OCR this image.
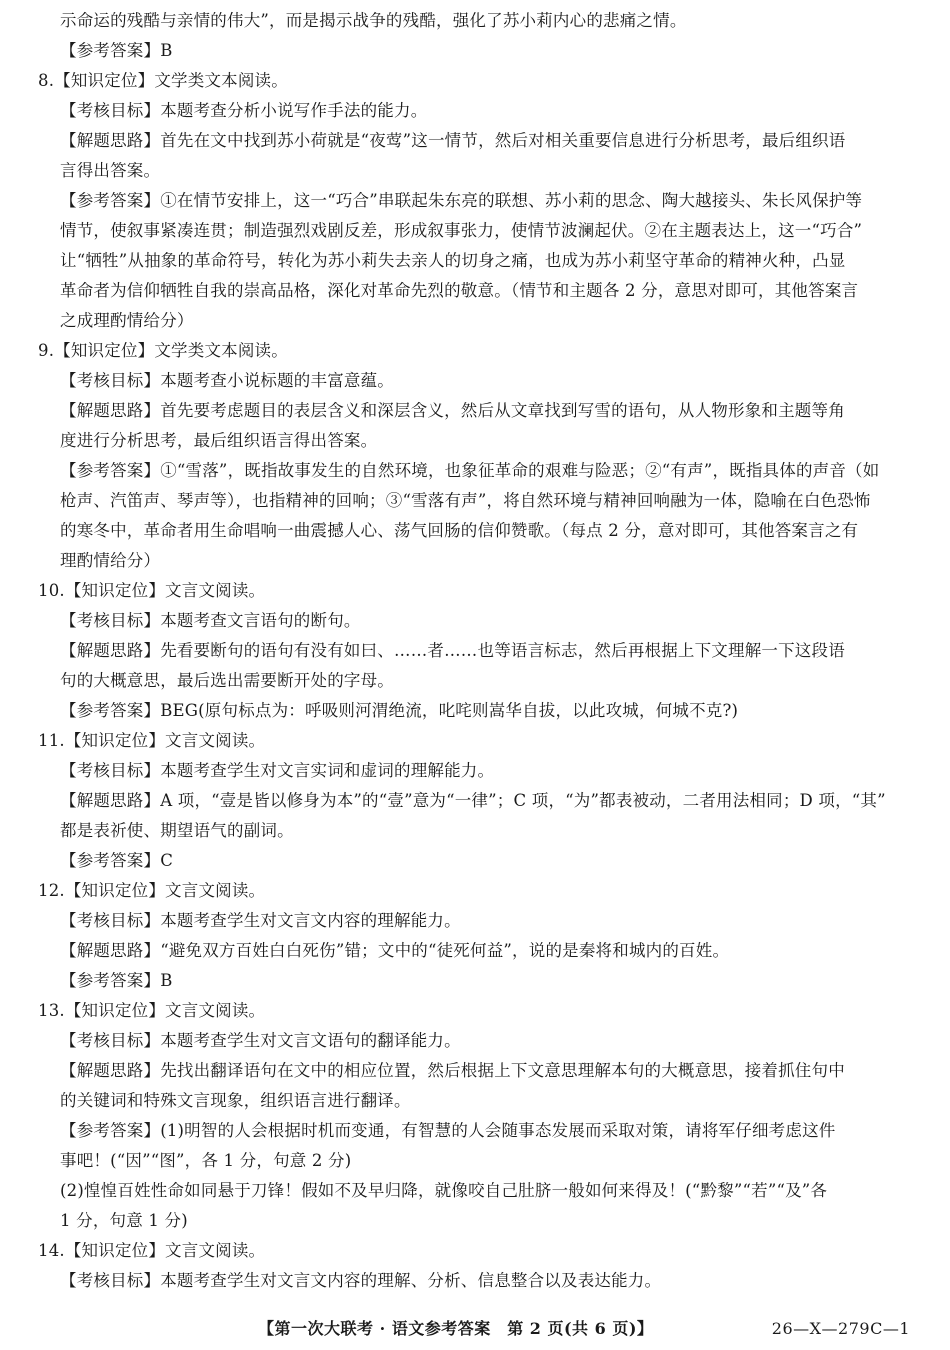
示命运的残酷与亲情的伟大”，而是揭示战争的残酷，强化了苏小莉内心的悲痛之情。

【参考答案】B

8.【知识定位】文学类文本阅读。

【考核目标】本题考查分析小说写作手法的能力。

【解题思路】首先在文中找到苏小荷就是“夜莺”这一情节，然后对相关重要信息进行分析思考，最后组织语

言得出答案。

【参考答案】①在情节安排上，这一“巧合”串联起朱东亮的联想、苏小莉的思念、陶大越接头、朱长风保护等

情节，使叙事紧凑连贯；制造强烈戏剧反差，形成叙事张力，使情节波澜起伏。②在主题表达上，这一“巧合”

让“牺牲”从抽象的革命符号，转化为苏小莉失去亲人的切身之痛，也成为苏小莉坚守革命的精神火种，凸显

革命者为信仰牺牲自我的崇高品格，深化对革命先烈的敬意。（情节和主题各 2 分，意思对即可，其他答案言

之成理酌情给分）

9.【知识定位】文学类文本阅读。

【考核目标】本题考查小说标题的丰富意蕴。

【解题思路】首先要考虑题目的表层含义和深层含义，然后从文章找到写雪的语句，从人物形象和主题等角

度进行分析思考，最后组织语言得出答案。

【参考答案】①“雪落”，既指故事发生的自然环境，也象征革命的艰难与险恶；②“有声”，既指具体的声音（如

枪声、汽笛声、琴声等），也指精神的回响；③“雪落有声”，将自然环境与精神回响融为一体，隐喻在白色恐怖

的寒冬中，革命者用生命唱响一曲震撼人心、荡气回肠的信仰赞歌。（每点 2 分，意对即可，其他答案言之有

理酌情给分）

10.【知识定位】文言文阅读。

【考核目标】本题考查文言语句的断句。

【解题思路】先看要断句的语句有没有如曰、……者……也等语言标志，然后再根据上下文理解一下这段语

句的大概意思，最后选出需要断开处的字母。

【参考答案】BEG(原句标点为：呼吸则河渭绝流，叱咤则嵩华自拔，以此攻城，何城不克?)

11.【知识定位】文言文阅读。

【考核目标】本题考查学生对文言实词和虚词的理解能力。

【解题思路】A 项，“壹是皆以修身为本”的“壹”意为“一律”；C 项，“为”都表被动，二者用法相同；D 项，“其”

都是表祈使、期望语气的副词。

【参考答案】C

12.【知识定位】文言文阅读。

【考核目标】本题考查学生对文言文内容的理解能力。

【解题思路】“避免双方百姓白白死伤”错；文中的“徒死何益”，说的是秦将和城内的百姓。

【参考答案】B

13.【知识定位】文言文阅读。

【考核目标】本题考查学生对文言文语句的翻译能力。

【解题思路】先找出翻译语句在文中的相应位置，然后根据上下文意思理解本句的大概意思，接着抓住句中

的关键词和特殊文言现象，组织语言进行翻译。

【参考答案】(1)明智的人会根据时机而变通，有智慧的人会随事态发展而采取对策，请将军仔细考虑这件

事吧！(“因”“图”，各 1 分，句意 2 分)

(2)惶惶百姓性命如同悬于刀锋！假如不及早归降，就像咬自己肚脐一般如何来得及！(“黔黎”“若”“及”各

1 分，句意 1 分)

14.【知识定位】文言文阅读。

【考核目标】本题考查学生对文言文内容的理解、分析、信息整合以及表达能力。

【第一次大联考 · 语文参考答案　第 2 页(共 6 页)】	26—X—279C—1
